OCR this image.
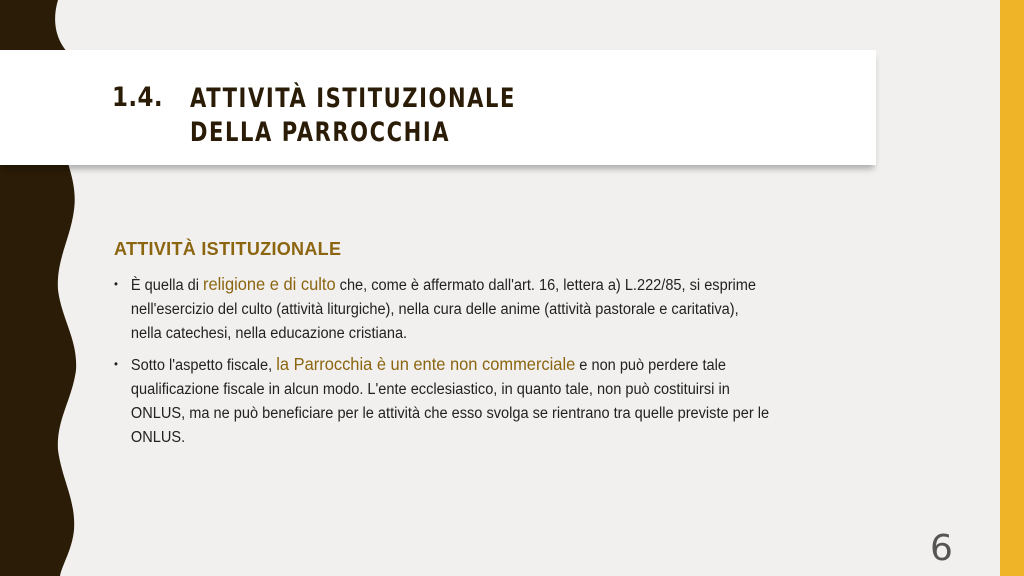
1.4. ATTIVITÀ ISTITUZIONALE
DELLA PARROCCHIA
ATTIVITÀ ISTITUZIONALE
• È quella di religione e di culto che, come è affermato dall'art. 16, lettera a) L.222/85, si esprime nell'esercizio del culto (attività liturgiche), nella cura delle anime (attività pastorale e caritativa), nella catechesi, nella educazione cristiana.
• Sotto l'aspetto fiscale, la Parrocchia è un ente non commerciale e non può perdere tale qualificazione fiscale in alcun modo. L'ente ecclesiastico, in quanto tale, non può costituirsi in ONLUS, ma ne può beneficiare per le attività che esso svolga se rientrano tra quelle previste per le ONLUS.
6
